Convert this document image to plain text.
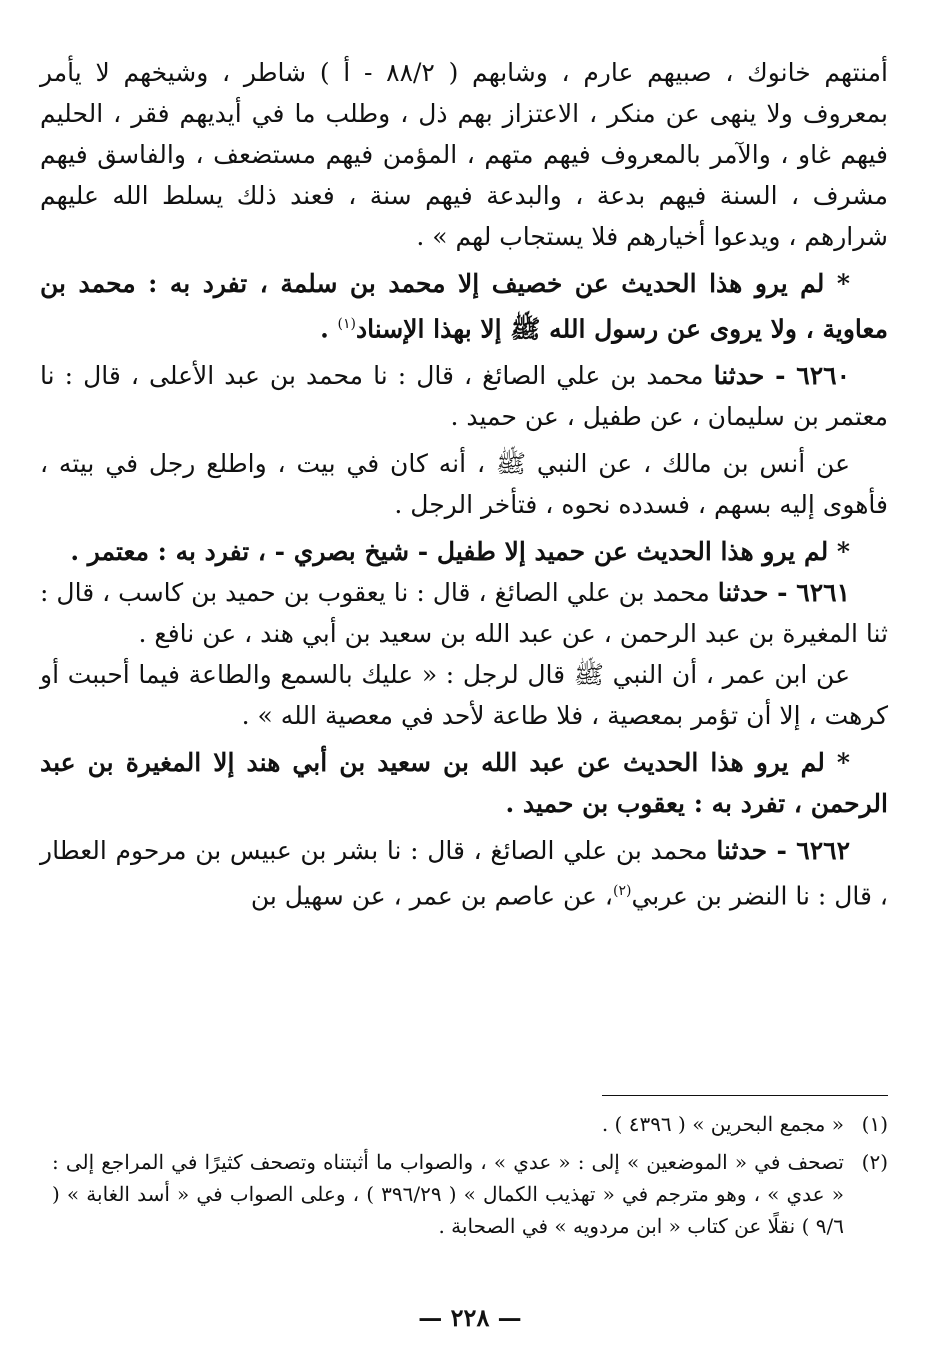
أمنتهم خانوك ، صبيهم عارم ، وشابهم ( ٨٨/٢ - أ ) شاطر ، وشيخهم لا يأمر بمعروف ولا ينهى عن منكر ، الاعتزاز بهم ذل ، وطلب ما في أيديهم فقر ، الحليم فيهم غاو ، والآمر بالمعروف فيهم متهم ، المؤمن فيهم مستضعف ، والفاسق فيهم مشرف ، السنة فيهم بدعة ، والبدعة فيهم سنة ، فعند ذلك يسلط الله عليهم شرارهم ، ويدعوا أخيارهم فلا يستجاب لهم » .

* لم يرو هذا الحديث عن خصيف إلا محمد بن سلمة ، تفرد به : محمد بن معاوية ، ولا يروى عن رسول الله ﷺ إلا بهذا الإسناد$^{(١)}$ .

٦٢٦٠ - حدثنا محمد بن علي الصائغ ، قال : نا محمد بن عبد الأعلى ، قال : نا معتمر بن سليمان ، عن طفيل ، عن حميد .

عن أنس بن مالك ، عن النبي ﷺ ، أنه كان في بيت ، واطلع رجل في بيته ، فأهوى إليه بسهم ، فسدده نحوه ، فتأخر الرجل .

* لم يرو هذا الحديث عن حميد إلا طفيل - شيخ بصري - ، تفرد به : معتمر .

٦٢٦١ - حدثنا محمد بن علي الصائغ ، قال : نا يعقوب بن حميد بن كاسب ، قال : ثنا المغيرة بن عبد الرحمن ، عن عبد الله بن سعيد بن أبي هند ، عن نافع .

عن ابن عمر ، أن النبي ﷺ قال لرجل : « عليك بالسمع والطاعة فيما أحببت أو كرهت ، إلا أن تؤمر بمعصية ، فلا طاعة لأحد في معصية الله » .

* لم يرو هذا الحديث عن عبد الله بن سعيد بن أبي هند إلا المغيرة بن عبد الرحمن ، تفرد به : يعقوب بن حميد .

٦٢٦٢ - حدثنا محمد بن علي الصائغ ، قال : نا بشر بن عبيس بن مرحوم العطار ، قال : نا النضر بن عربي$^{(٢)}$، عن عاصم بن عمر ، عن سهيل بن

(١)
« مجمع البحرين » ( ٤٣٩٦ ) .

(٢)
تصحف في « الموضعين » إلى : « عدي » ، والصواب ما أثبتناه وتصحف كثيرًا في المراجع إلى : « عدي » ، وهو مترجم في « تهذيب الكمال » ( ٣٩٦/٢٩ ) ، وعلى الصواب في « أسد الغابة » ( ٩/٦ ) نقلًا عن كتاب « ابن مردويه » في الصحابة .

— ٢٢٨ —
